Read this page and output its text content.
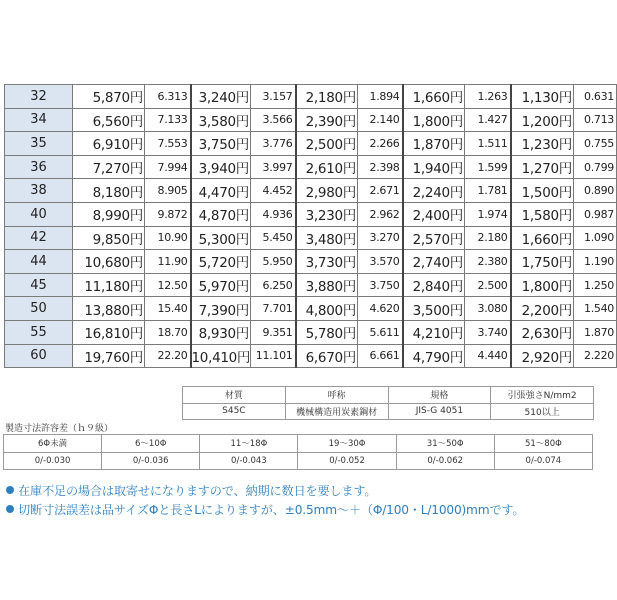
32	5,870円	6.313	3,240円	3.157	2,180円	1.894	1,660円	1.263	1,130円	0.631
34	6,560円	7.133	3,580円	3.566	2,390円	2.140	1,800円	1.427	1,200円	0.713
35	6,910円	7.553	3,750円	3.776	2,500円	2.266	1,870円	1.511	1,230円	0.755
36	7,270円	7.994	3,940円	3.997	2,610円	2.398	1,940円	1.599	1,270円	0.799
38	8,180円	8.905	4,470円	4.452	2,980円	2.671	2,240円	1.781	1,500円	0.890
40	8,990円	9.872	4,870円	4.936	3,230円	2.962	2,400円	1.974	1,580円	0.987
42	9,850円	10.90	5,300円	5.450	3,480円	3.270	2,570円	2.180	1,660円	1.090
44	10,680円	11.90	5,720円	5.950	3,730円	3.570	2,740円	2.380	1,750円	1.190
45	11,180円	12.50	5,970円	6.250	3,880円	3.750	2,840円	2.500	1,800円	1.250
50	13,880円	15.40	7,390円	7.701	4,800円	4.620	3,500円	3.080	2,200円	1.540
55	16,810円	18.70	8,930円	9.351	5,780円	5.611	4,210円	3.740	2,630円	1.870
60	19,760円	22.20	10,410円	11.101	6,670円	6.661	4,790円	4.440	2,920円	2.220
材質	呼称	規格	引張強さN/mm2
S45C	機械構造用炭素鋼材	JIS-G 4051	510以上

製造寸法許容差（ｈ９級）

6Φ未満	6〜10Φ	11〜18Φ	19〜30Φ	31〜50Φ	51〜80Φ
0/-0.030	0/-0.036	0/-0.043	0/-0.052	0/-0.062	0/-0.074
在庫不足の場合は取寄せになりますので、納期に数日を要します。
切断寸法誤差は品サイズΦと長さLによりますが、±0.5mm〜＋（Φ/100・L/1000)mmです。
